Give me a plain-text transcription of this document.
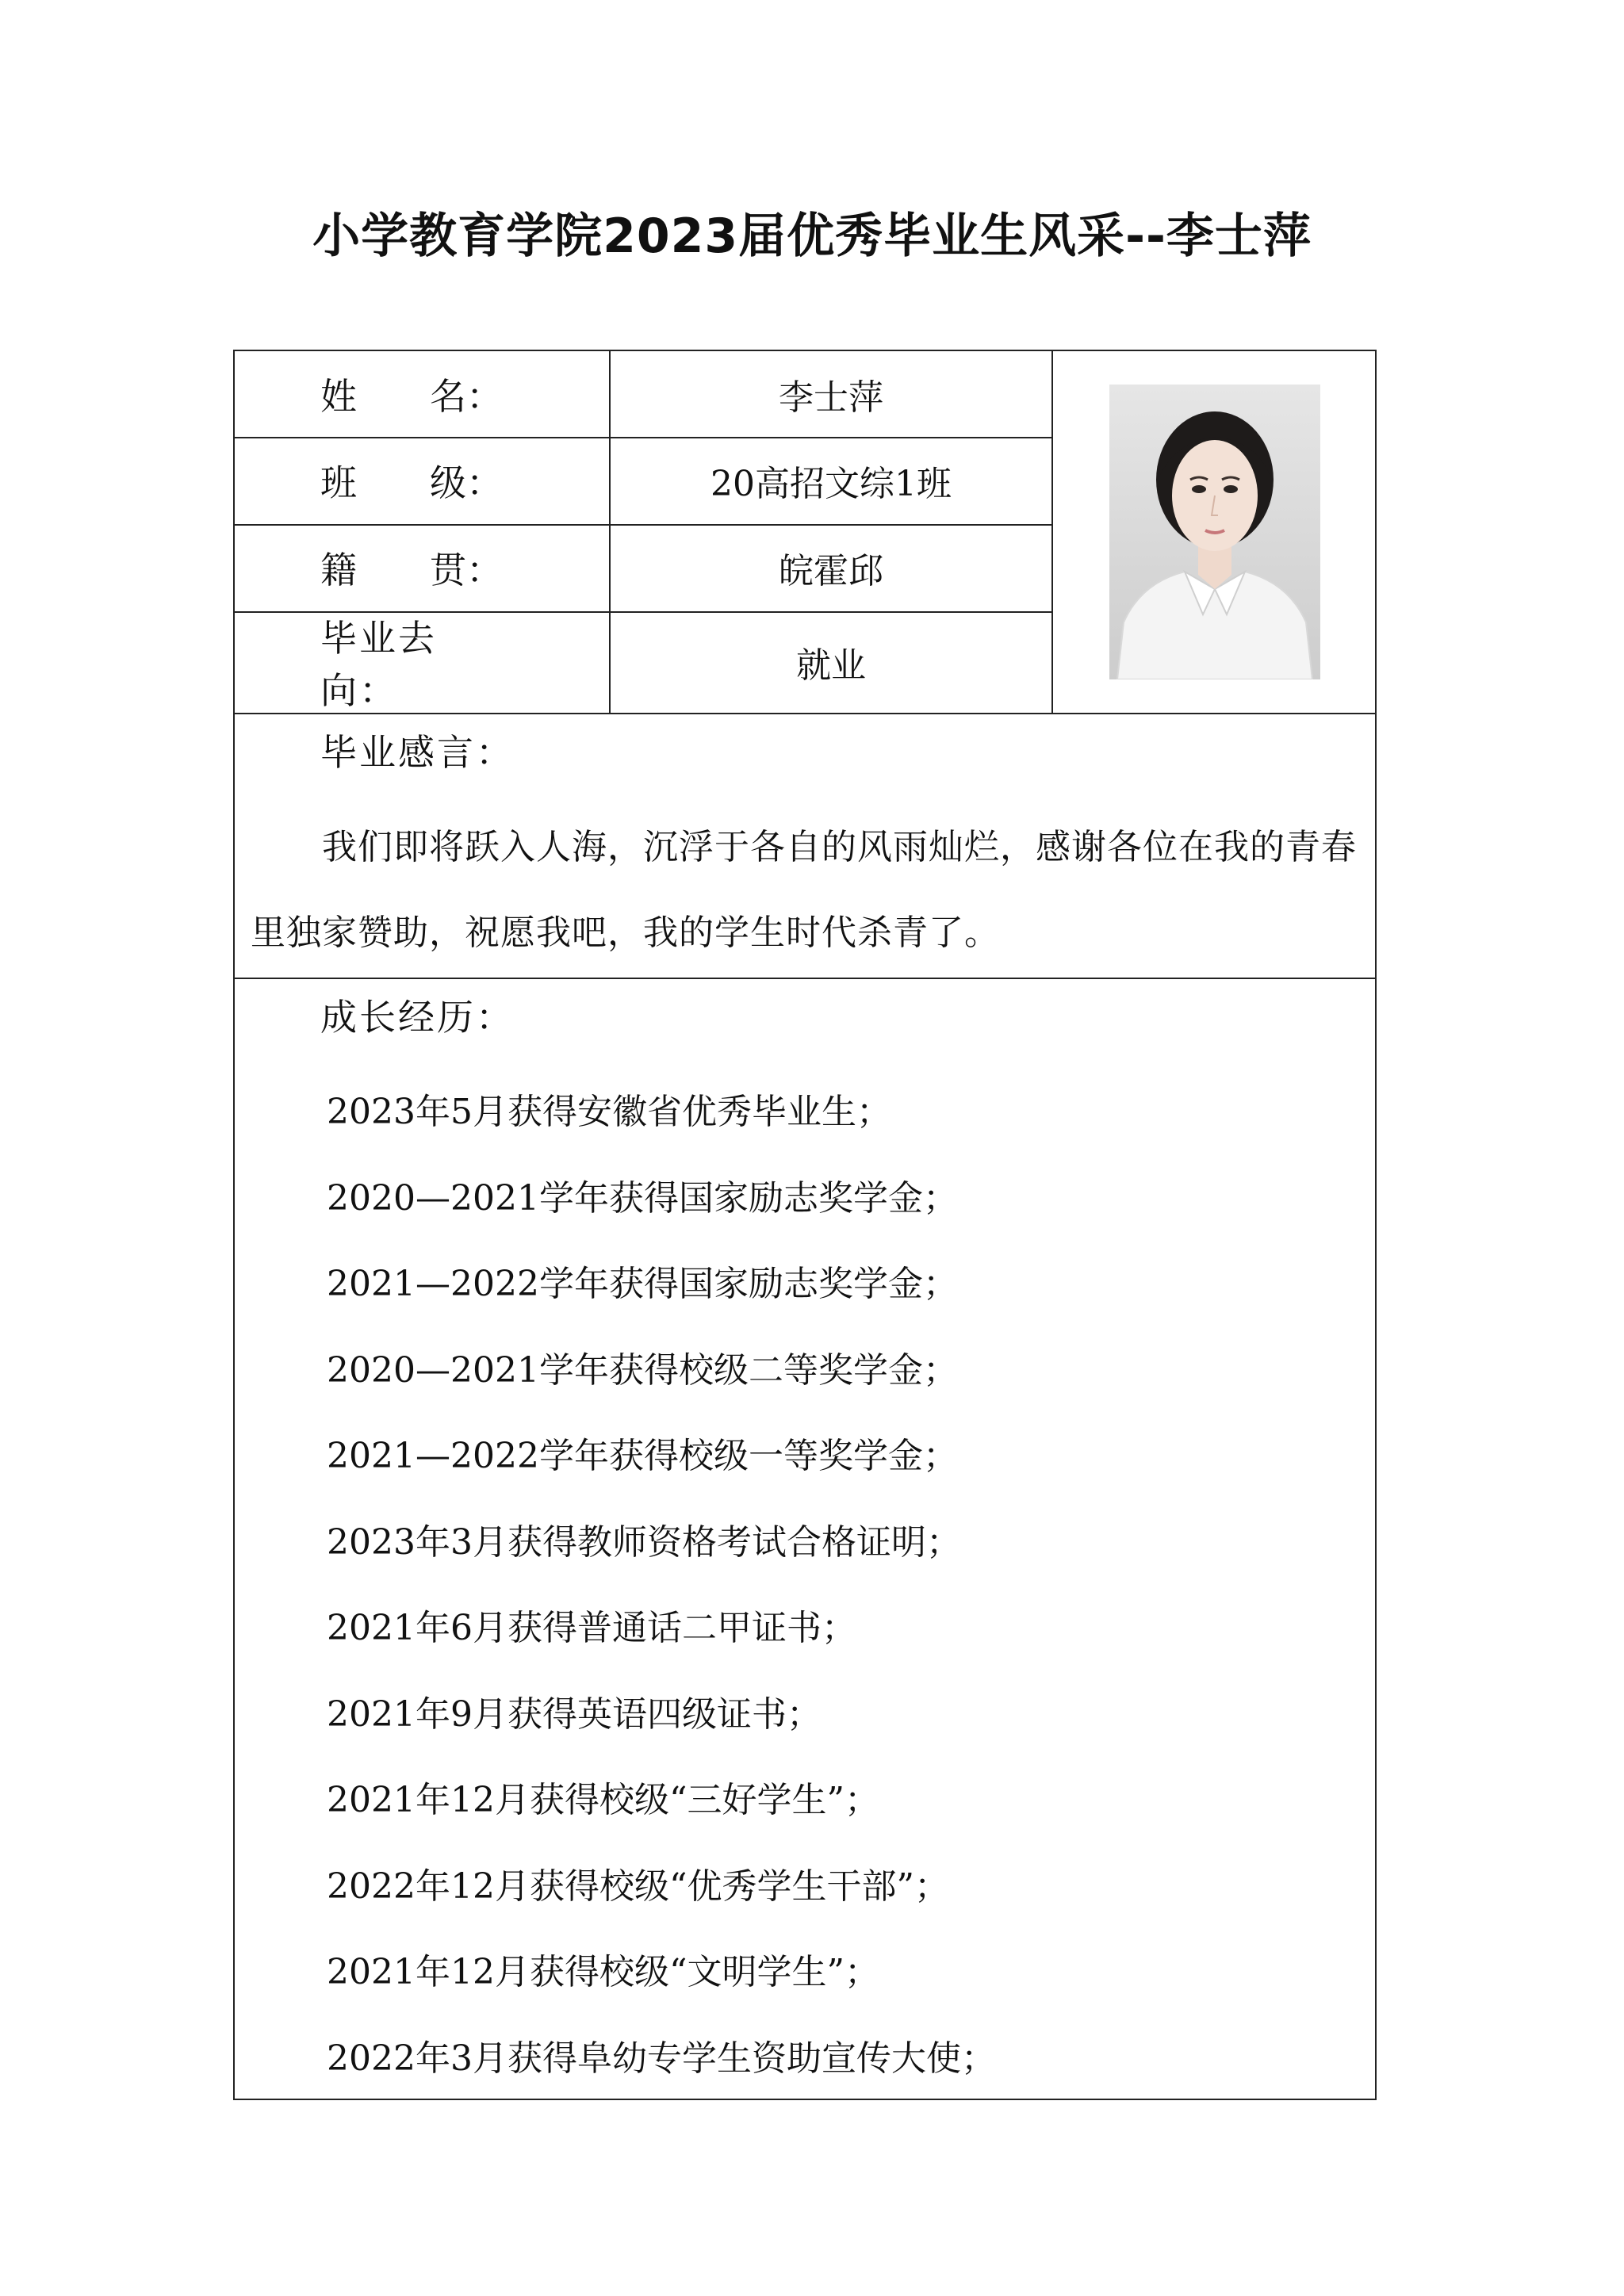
小学教育学院2023届优秀毕业生风采--李士萍
姓　　名：	李士萍
班　　级：	20高招文综1班
籍　　贯：	皖霍邱
毕业去向：
就业
毕业感言：
我们即将跃入人海，沉浮于各自的风雨灿烂，感谢各位在我的青春里独家赞助，祝愿我吧，我的学生时代杀青了。
成长经历：
2023年5月获得安徽省优秀毕业生；
2020—2021学年获得国家励志奖学金；
2021—2022学年获得国家励志奖学金；
2020—2021学年获得校级二等奖学金；
2021—2022学年获得校级一等奖学金；
2023年3月获得教师资格考试合格证明；
2021年6月获得普通话二甲证书；
2021年9月获得英语四级证书；
2021年12月获得校级“三好学生”；
2022年12月获得校级“优秀学生干部”；
2021年12月获得校级“文明学生”；
2022年3月获得阜幼专学生资助宣传大使；
